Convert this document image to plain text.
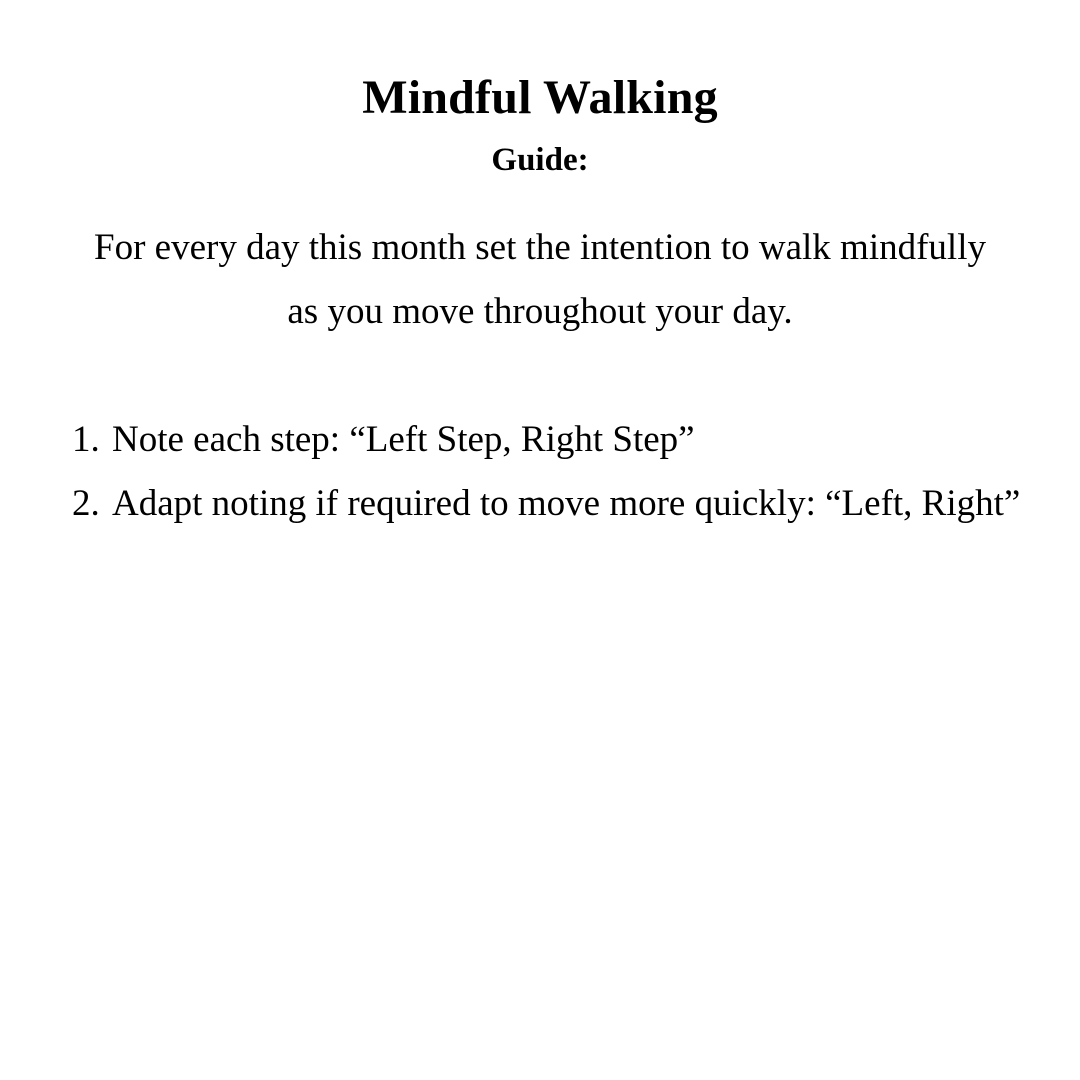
Mindful Walking
Guide:

For every day this month set the intention to walk mindfully
as you move throughout your day.

1. Note each step: “Left Step, Right Step”
2. Adapt noting if required to move more quickly: “Left, Right”
